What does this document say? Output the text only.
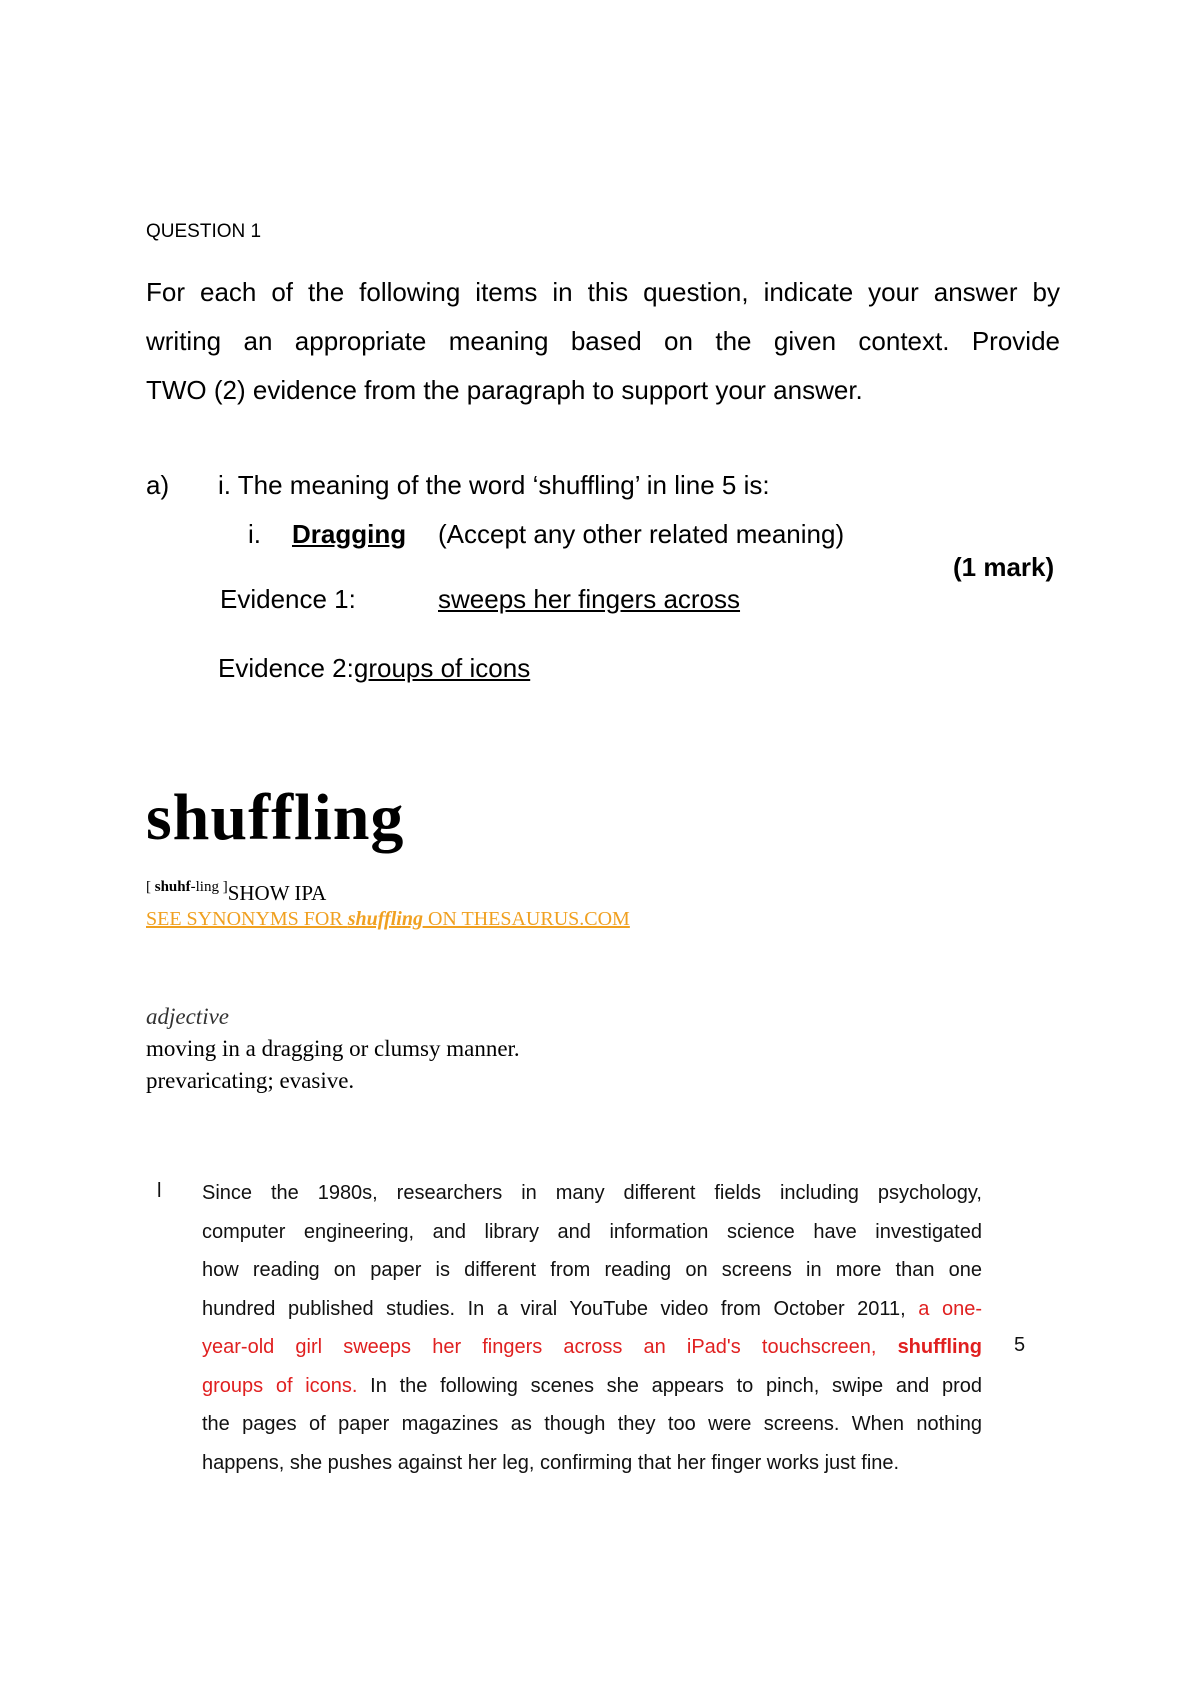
QUESTION 1
For each of the following items in this question, indicate your answer by
writing an appropriate meaning based on the given context. Provide
TWO (2) evidence from the paragraph to support your answer.
a) i. The meaning of the word ‘shuffling’ in line 5 is:
i. Dragging (Accept any other related meaning)
(1 mark)
Evidence 1:	sweeps her fingers across
Evidence 2:groups of icons
shuffling
[ shuhf-ling ]SHOW IPA
SEE SYNONYMS FOR shuffling ON THESAURUS.COM
adjective
moving in a dragging or clumsy manner.
prevaricating; evasive.
l
5
Since the 1980s, researchers in many different fields including psychology,
computer engineering, and library and information science have investigated
how reading on paper is different from reading on screens in more than one
hundred published studies. In a viral YouTube video from October 2011, a one-
year-old girl sweeps her fingers across an iPad's touchscreen, shuffling
groups of icons. In the following scenes she appears to pinch, swipe and prod
the pages of paper magazines as though they too were screens. When nothing
happens, she pushes against her leg, confirming that her finger works just fine.
